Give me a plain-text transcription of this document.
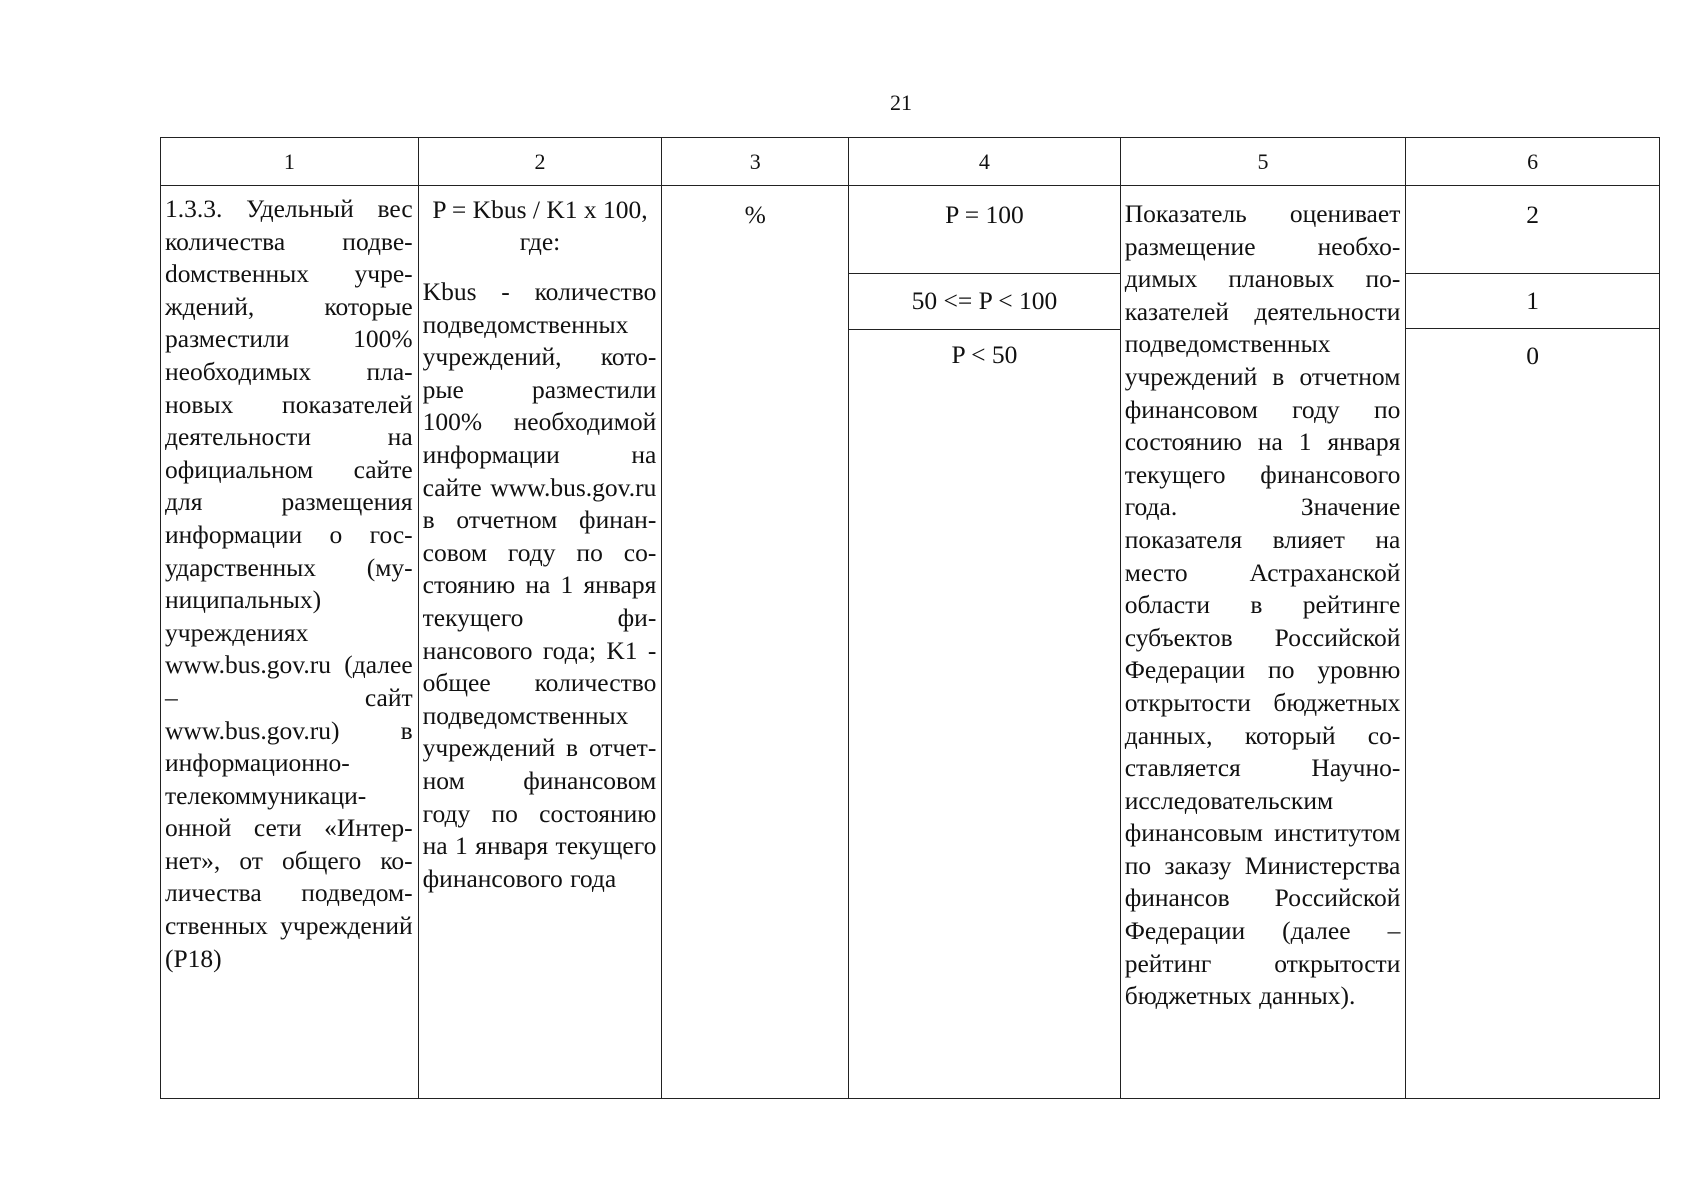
21
1
1.3.3. Удельный вес количества подвеdомственных учреждений, которые разместили 100% необходимых плановых показателей деятельности на официальном сайте для размещения информации о государственных (муниципальных) учреждениях www.bus.gov.ru (далее – сайт www.bus.gov.ru) в информационно-телекоммуникационной сети «Интернет», от общего количества подведомственных учреждений (P18)
2
P = Kbus / K1 x 100, где:
Kbus - количество подведомственных учреждений, которые разместили 100% необходимой информации на сайте www.bus.gov.ru в отчетном финансовом году по состоянию на 1 января текущего финансового года; K1 - общее количество подведомственных учреждений в отчетном финансовом году по состоянию на 1 января текущего финансового года
3
%
4
P = 100
50 <= P < 100
P < 50
5
Показатель оценивает размещение необходимых плановых показателей деятельности подведомственных учреждений в отчетном финансовом году по состоянию на 1 января текущего финансового года. Значение показателя влияет на место Астраханской области в рейтинге субъектов Российской Федерации по уровню открытости бюджетных данных, который составляется Научно-исследовательским финансовым институтом по заказу Министерства финансов Российской Федерации (далее – рейтинг открытости бюджетных данных).
6
2
1
0
